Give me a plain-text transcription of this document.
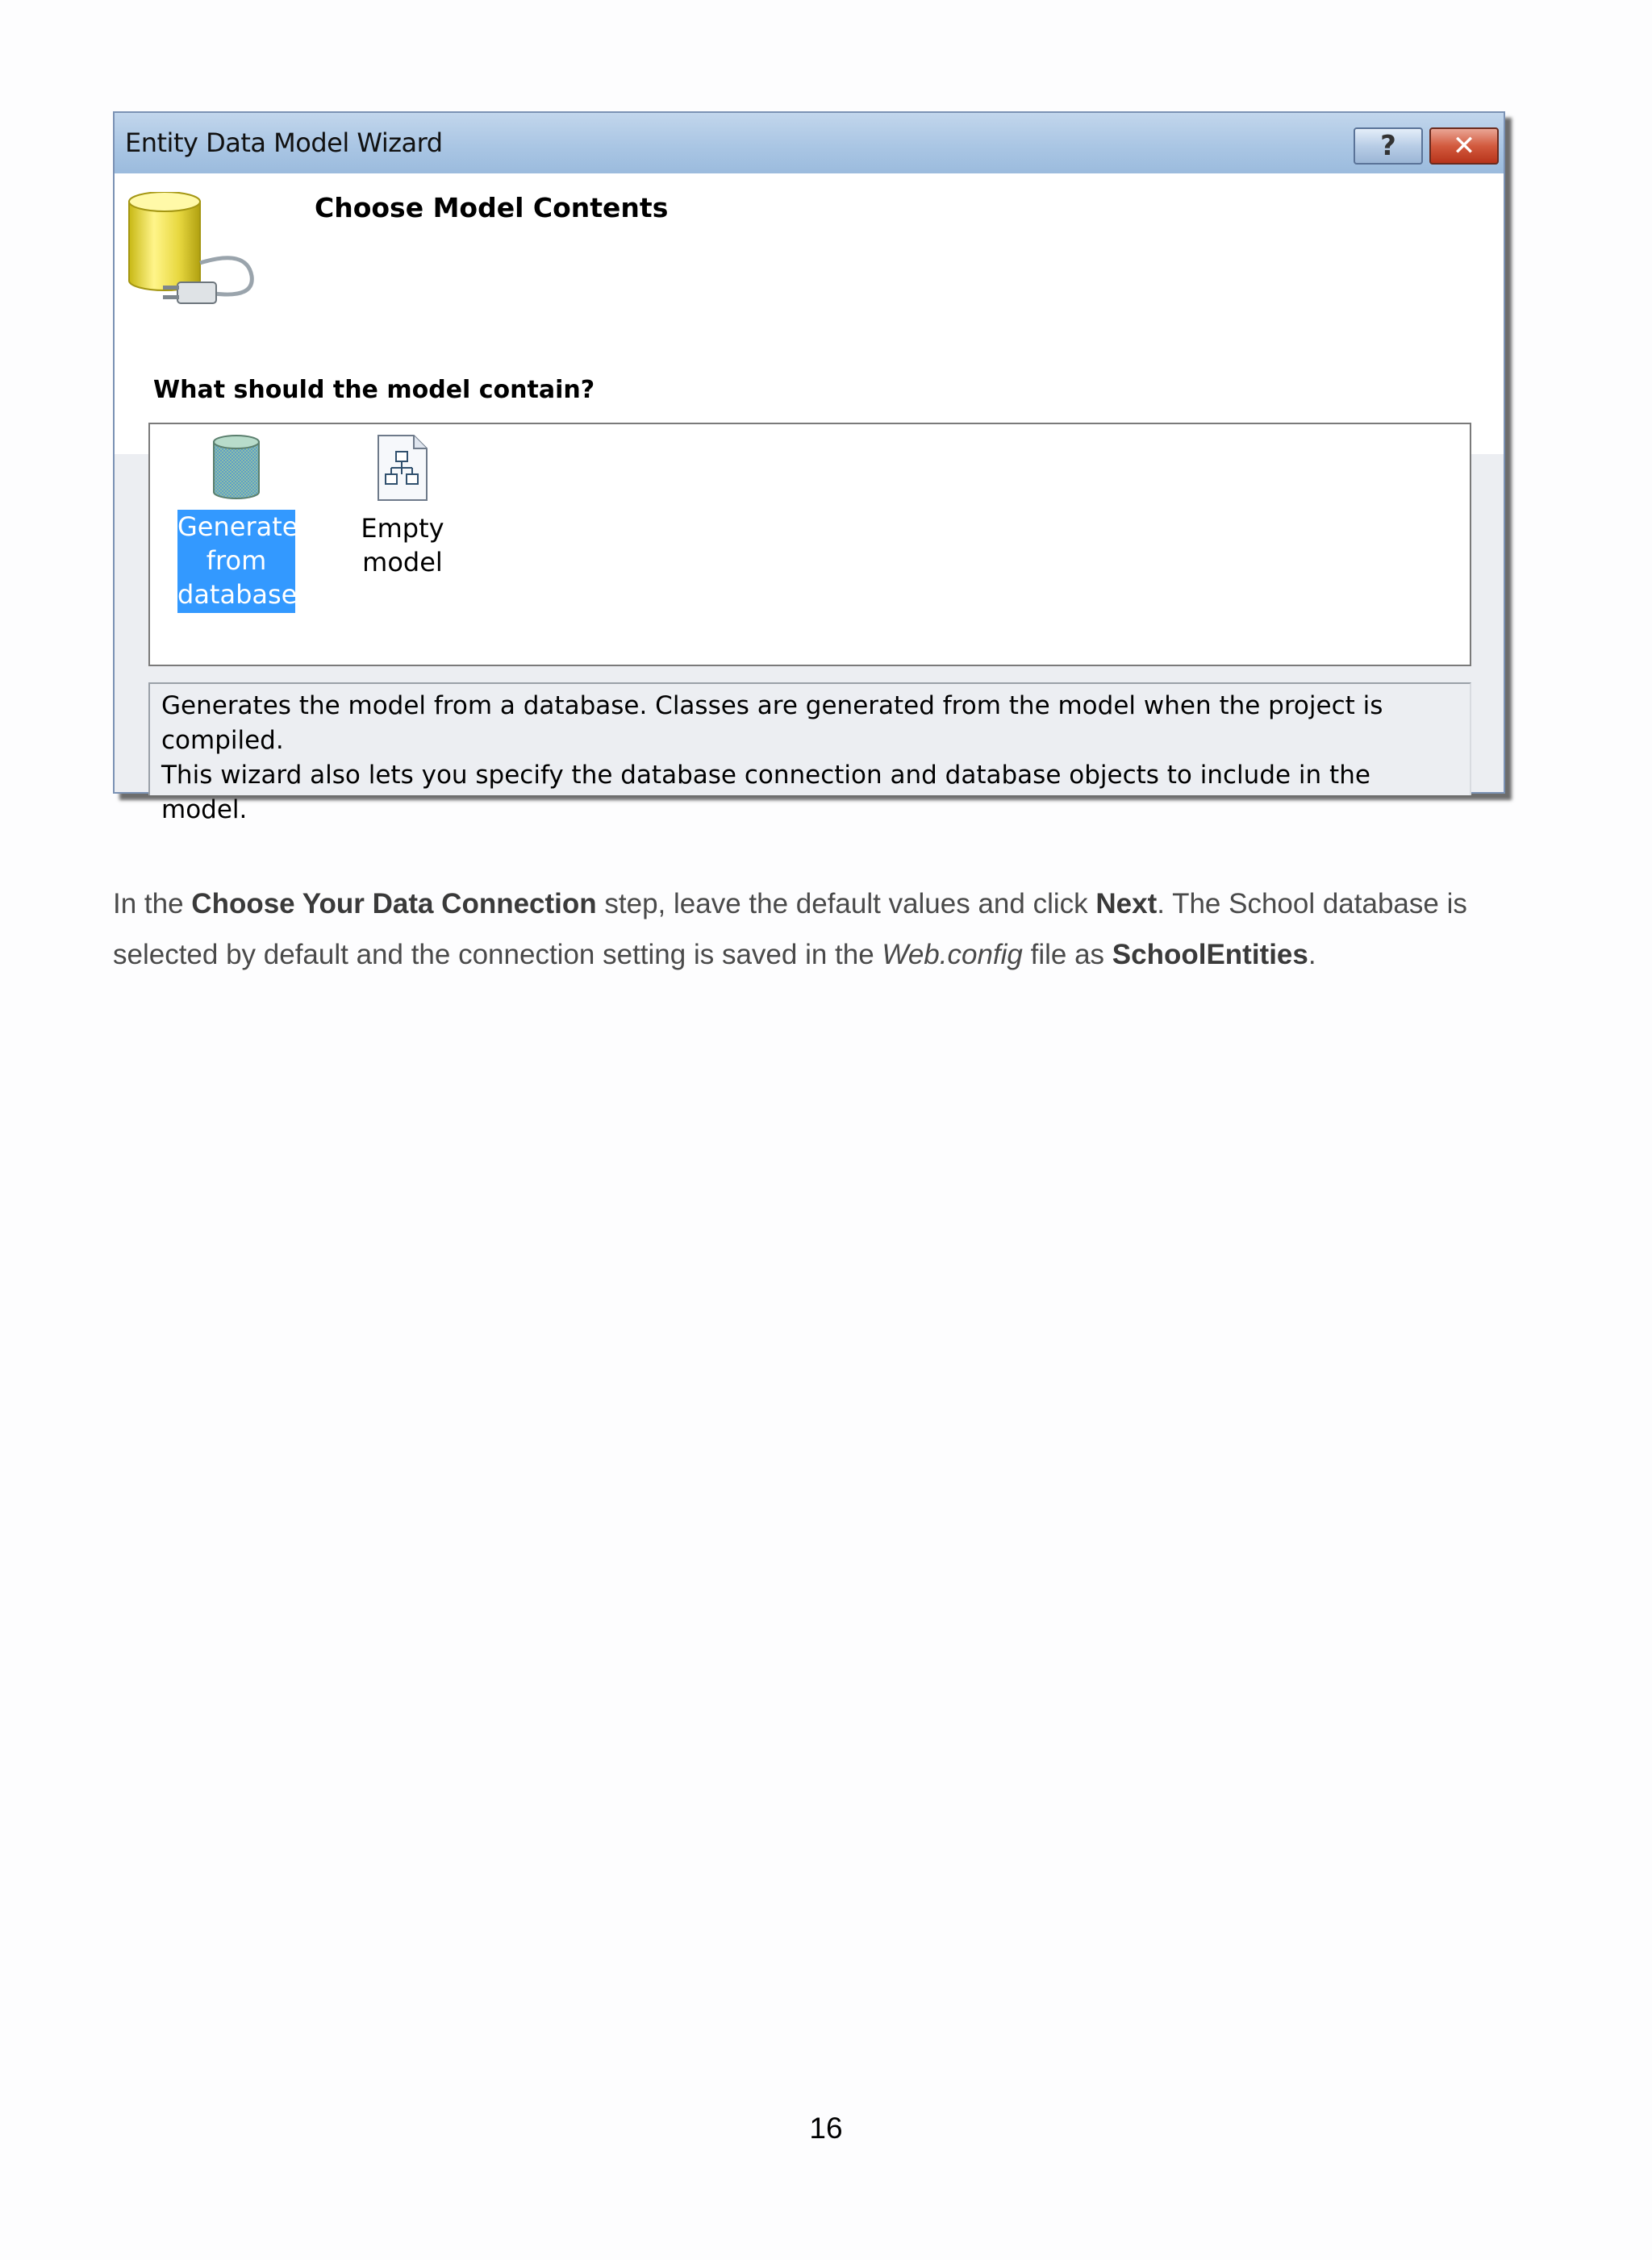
Entity Data Model Wizard	? ✕
Choose Model Contents
What should the model contain?
Generate
from
database
Empty model
Generates the model from a database. Classes are generated from the model when the project is compiled.
This wizard also lets you specify the database connection and database objects to include in the model.

In the Choose Your Data Connection step, leave the default values and click Next. The School database is selected by default and the connection setting is saved in the Web.config file as SchoolEntities.

16
